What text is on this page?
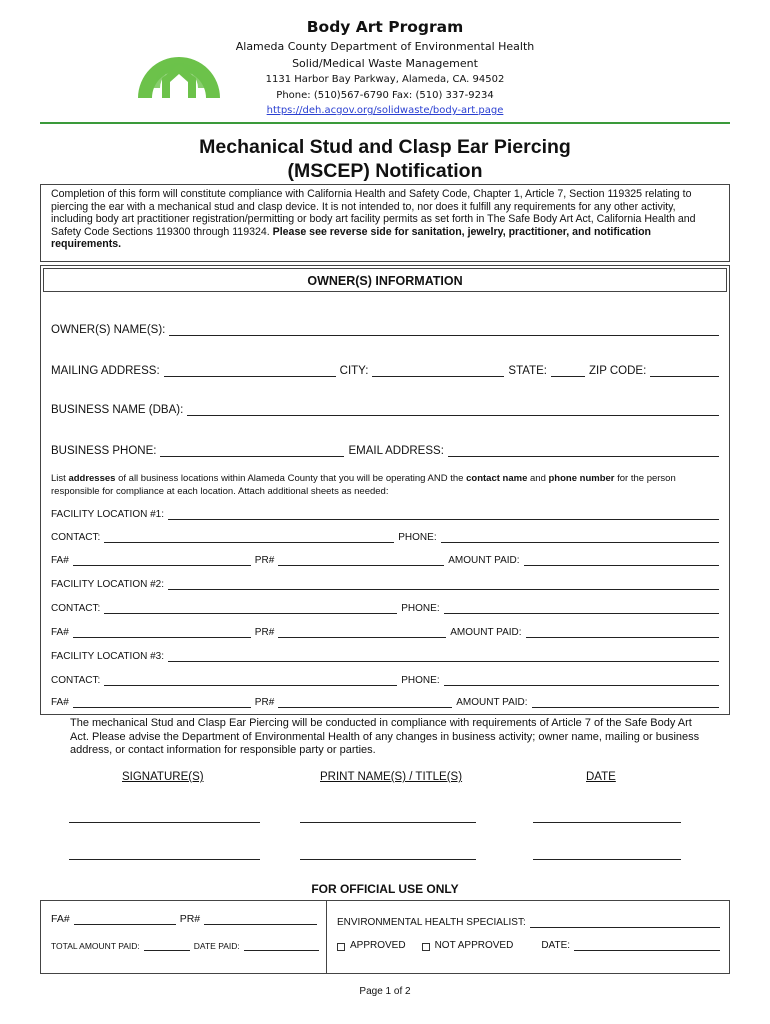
Body Art Program
Alameda County Department of Environmental Health
Solid/Medical Waste Management
1131 Harbor Bay Parkway, Alameda, CA. 94502
Phone: (510)567-6790 Fax: (510) 337-9234
https://deh.acgov.org/solidwaste/body-art.page
Mechanical Stud and Clasp Ear Piercing
(MSCEP) Notification
Completion of this form will constitute compliance with California Health and Safety Code, Chapter 1, Article 7, Section 119325 relating to piercing the ear with a mechanical stud and clasp device. It is not intended to, nor does it fulfill any requirements for any other activity, including body art practitioner registration/permitting or body art facility permits as set forth in The Safe Body Art Act, California Health and Safety Code Sections 119300 through 119324. Please see reverse side for sanitation, jewelry, practitioner, and notification requirements.
OWNER(S) INFORMATION
OWNER(S) NAME(S):
MAILING ADDRESS:	CITY:	STATE:	ZIP CODE:
BUSINESS NAME (DBA):
BUSINESS PHONE:	EMAIL ADDRESS:
List addresses of all business locations within Alameda County that you will be operating AND the contact name and phone number for the person responsible for compliance at each location. Attach additional sheets as needed:
FACILITY LOCATION #1:
CONTACT:	PHONE:
FA#	PR#	AMOUNT PAID:
FACILITY LOCATION #2:
CONTACT:	PHONE:
FA#	PR#	AMOUNT PAID:
FACILITY LOCATION #3:
CONTACT:	PHONE:
FA#	PR#	AMOUNT PAID:
The mechanical Stud and Clasp Ear Piercing will be conducted in compliance with requirements of Article 7 of the Safe Body Art Act. Please advise the Department of Environmental Health of any changes in business activity; owner name, mailing or business address, or contact information for responsible party or parties.
SIGNATURE(S)	PRINT NAME(S) / TITLE(S)	DATE
FOR OFFICIAL USE ONLY
FA#	PR#
TOTAL AMOUNT PAID:	DATE PAID:
ENVIRONMENTAL HEALTH SPECIALIST:
APPROVED	NOT APPROVED	DATE:
Page 1 of 2
